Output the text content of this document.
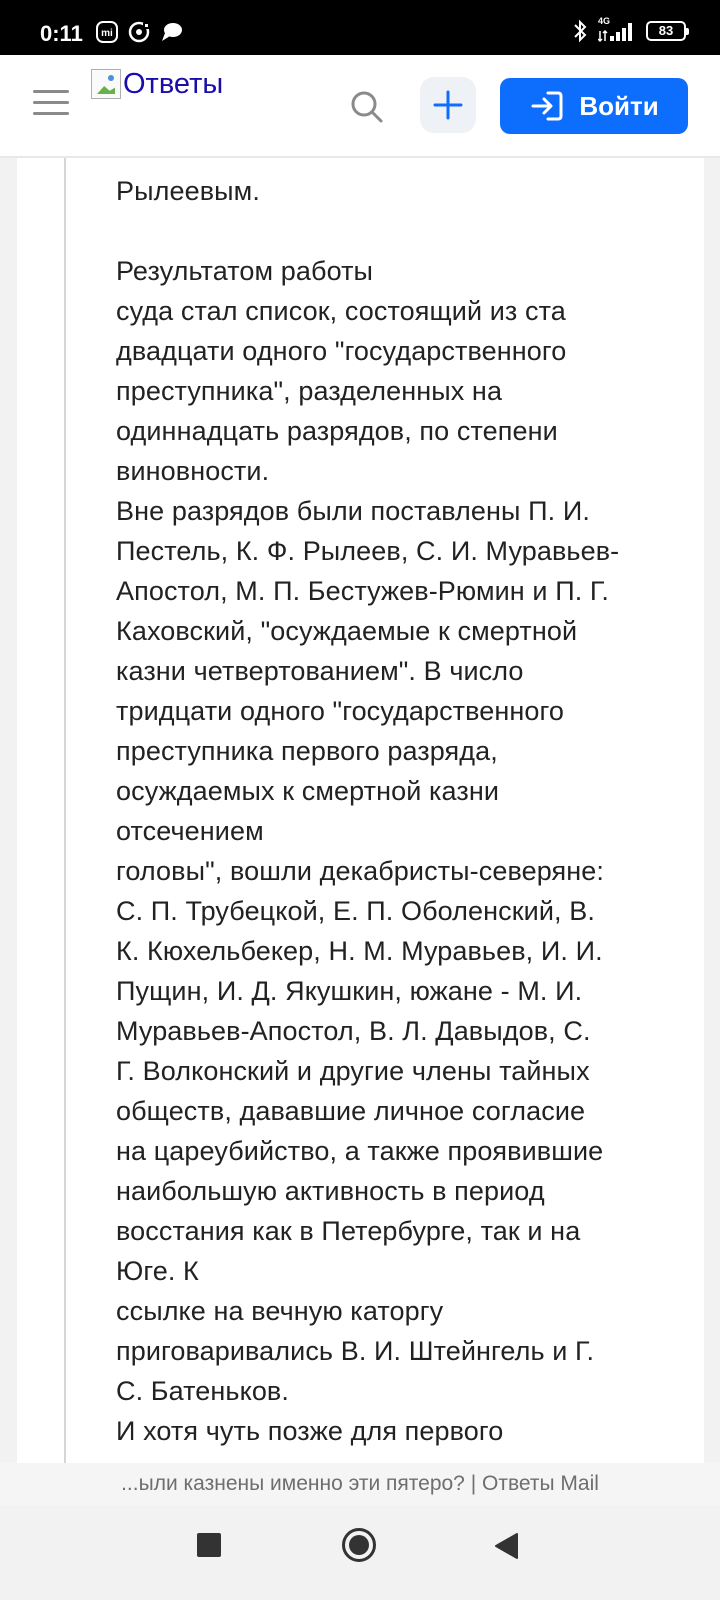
0:11	mi
4G
83
Ответы
Войти
Рылеевым.
Результатом работы
суда стал список, состоящий из ста
двадцати одного "государственного
преступника", разделенных на
одиннадцать разрядов, по степени
виновности.
Вне разрядов были поставлены П. И.
Пестель, К. Ф. Рылеев, С. И. Муравьев-
Апостол, М. П. Бестужев-Рюмин и П. Г.
Каховский, "осуждаемые к смертной
казни четвертованием". В число
тридцати одного "государственного
преступника первого разряда,
осуждаемых к смертной казни
отсечением
головы", вошли декабристы-северяне:
С. П. Трубецкой, Е. П. Оболенский, В.
К. Кюхельбекер, Н. М. Муравьев, И. И.
Пущин, И. Д. Якушкин, южане - М. И.
Муравьев-Апостол, В. Л. Давыдов, С.
Г. Волконский и другие члены тайных
обществ, дававшие личное согласие
на цареубийство, а также проявившие
наибольшую активность в период
восстания как в Петербурге, так и на
Юге. К
ссылке на вечную каторгу
приговаривались В. И. Штейнгель и Г.
С. Батеньков.
И хотя чуть позже для первого
...ыли казнены именно эти пятеро? | Ответы Mail
